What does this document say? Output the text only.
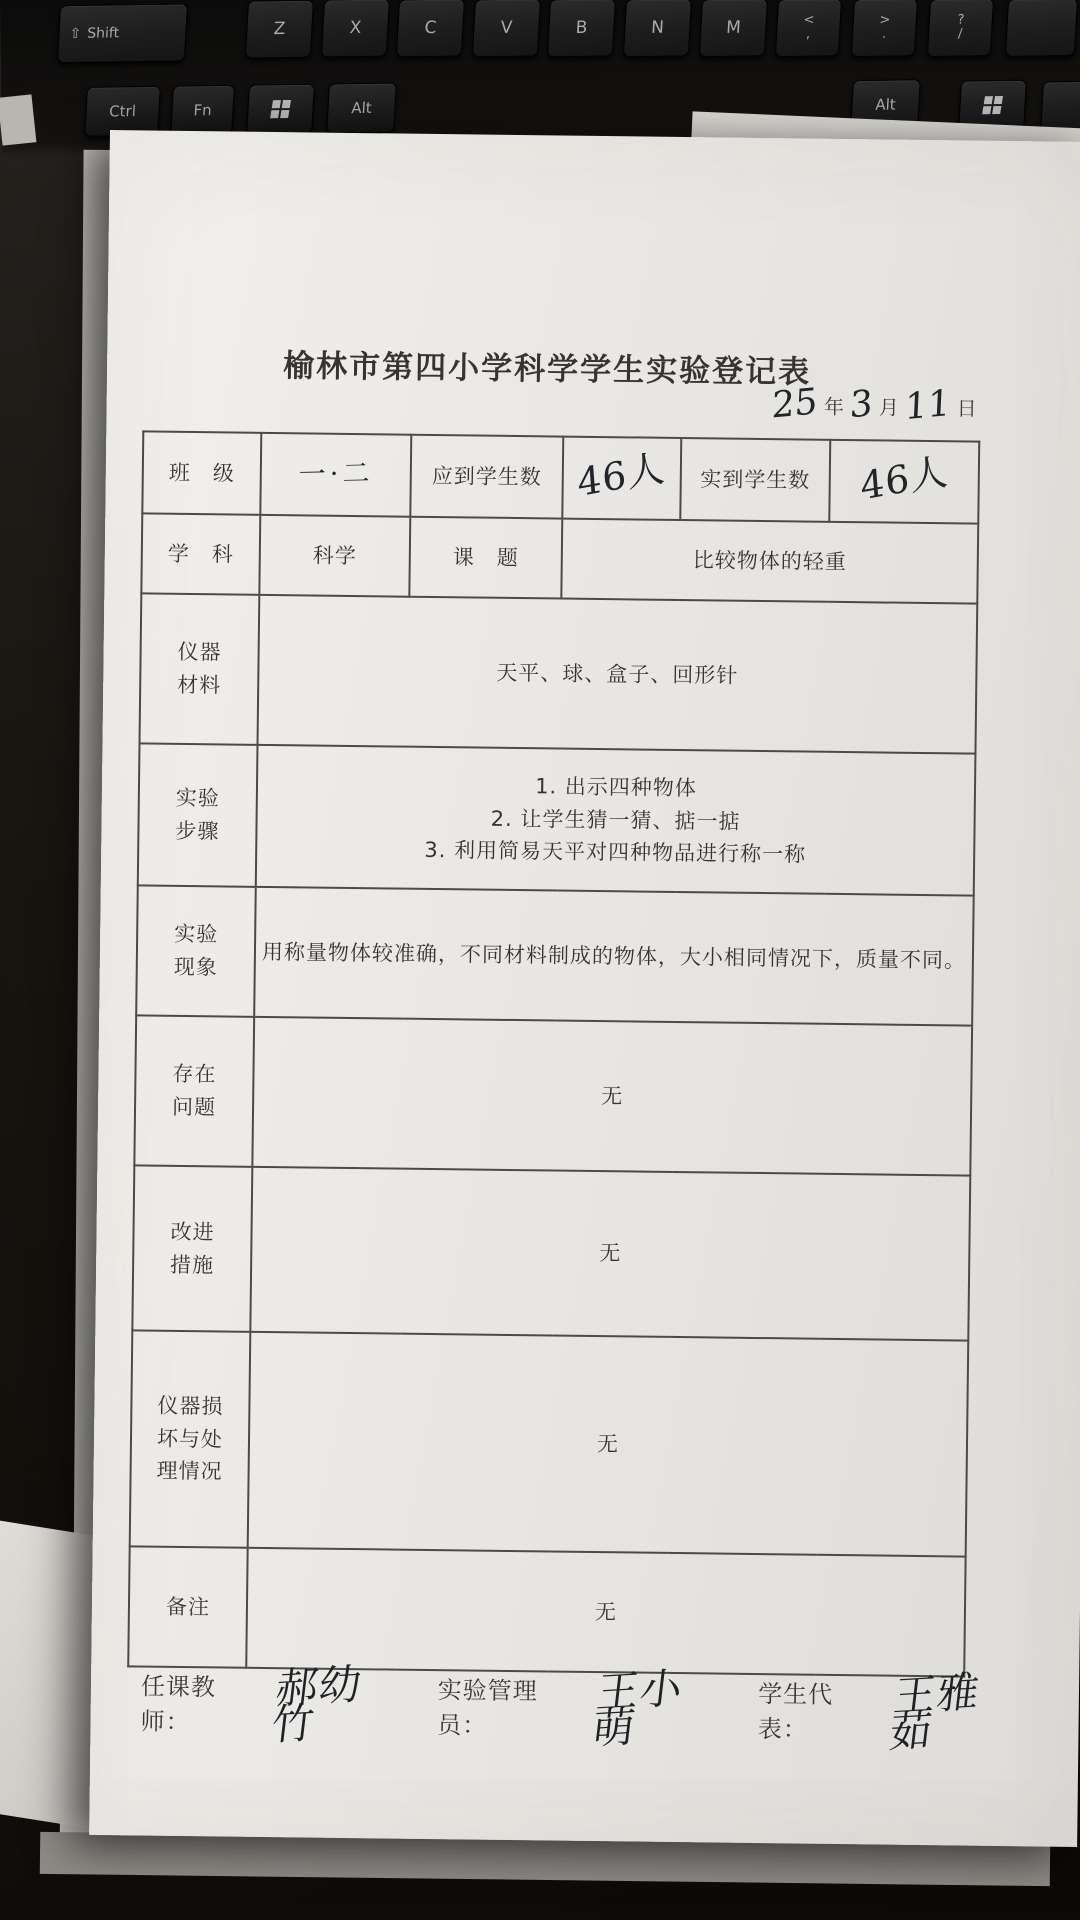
⇧ Shift	Z	X	C	V	B	N	M	<
,
>
.
?
/
Ctrl	Fn	Alt	Alt
榆林市第四小学科学学生实验登记表
25 年 3 月 11 日
班　级	一·二	应到学生数	46人	实到学生数	46人
学　科	科学	课　题	比较物体的轻重		
仪器
材料	天平、球、盒子、回形针				
实验
步骤	1. 出示四种物体
2. 让学生猜一猜、掂一掂
3. 利用简易天平对四种物品进行称一称				
实验
现象	用称量物体较准确，不同材料制成的物体，大小相同情况下，质量不同。				
存在
问题	无				
改进
措施	无				
仪器损
坏与处
理情况	无				
备注	无				
任课教师：
郝幼竹
实验管理员：
王小萌
学生代表：
王雅茹
